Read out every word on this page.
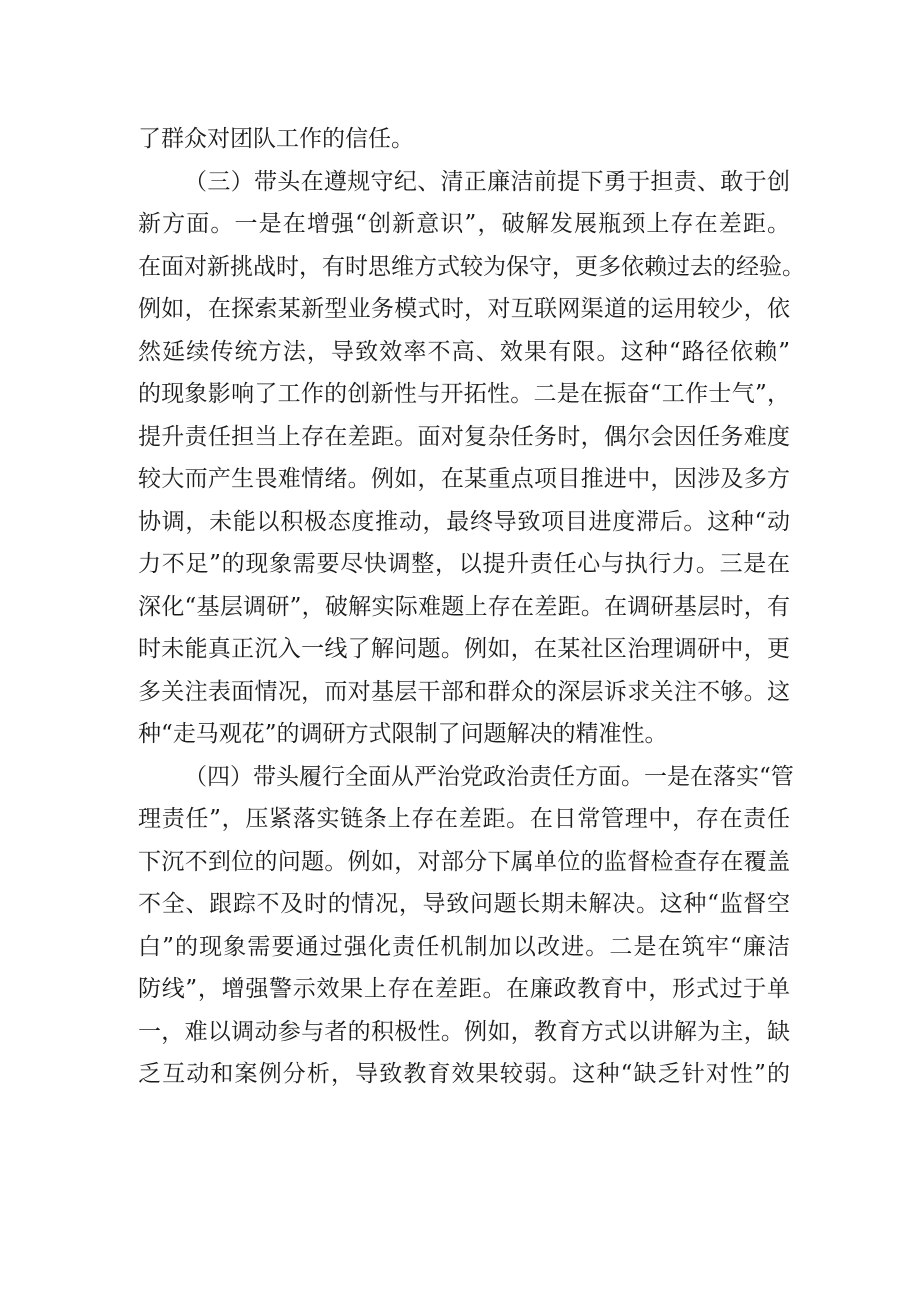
了群众对团队工作的信任。
（三）带头在遵规守纪、清正廉洁前提下勇于担责、敢于创
新方面。一是在增强“创新意识”，破解发展瓶颈上存在差距。
在面对新挑战时，有时思维方式较为保守，更多依赖过去的经验。
例如，在探索某新型业务模式时，对互联网渠道的运用较少，依
然延续传统方法，导致效率不高、效果有限。这种“路径依赖”
的现象影响了工作的创新性与开拓性。二是在振奋“工作士气”，
提升责任担当上存在差距。面对复杂任务时，偶尔会因任务难度
较大而产生畏难情绪。例如，在某重点项目推进中，因涉及多方
协调，未能以积极态度推动，最终导致项目进度滞后。这种“动
力不足”的现象需要尽快调整，以提升责任心与执行力。三是在
深化“基层调研”，破解实际难题上存在差距。在调研基层时，有
时未能真正沉入一线了解问题。例如，在某社区治理调研中，更
多关注表面情况，而对基层干部和群众的深层诉求关注不够。这
种“走马观花”的调研方式限制了问题解决的精准性。
（四）带头履行全面从严治党政治责任方面。一是在落实“管
理责任”，压紧落实链条上存在差距。在日常管理中，存在责任
下沉不到位的问题。例如，对部分下属单位的监督检查存在覆盖
不全、跟踪不及时的情况，导致问题长期未解决。这种“监督空
白”的现象需要通过强化责任机制加以改进。二是在筑牢“廉洁
防线”，增强警示效果上存在差距。在廉政教育中，形式过于单
一，难以调动参与者的积极性。例如，教育方式以讲解为主，缺
乏互动和案例分析，导致教育效果较弱。这种“缺乏针对性”的
